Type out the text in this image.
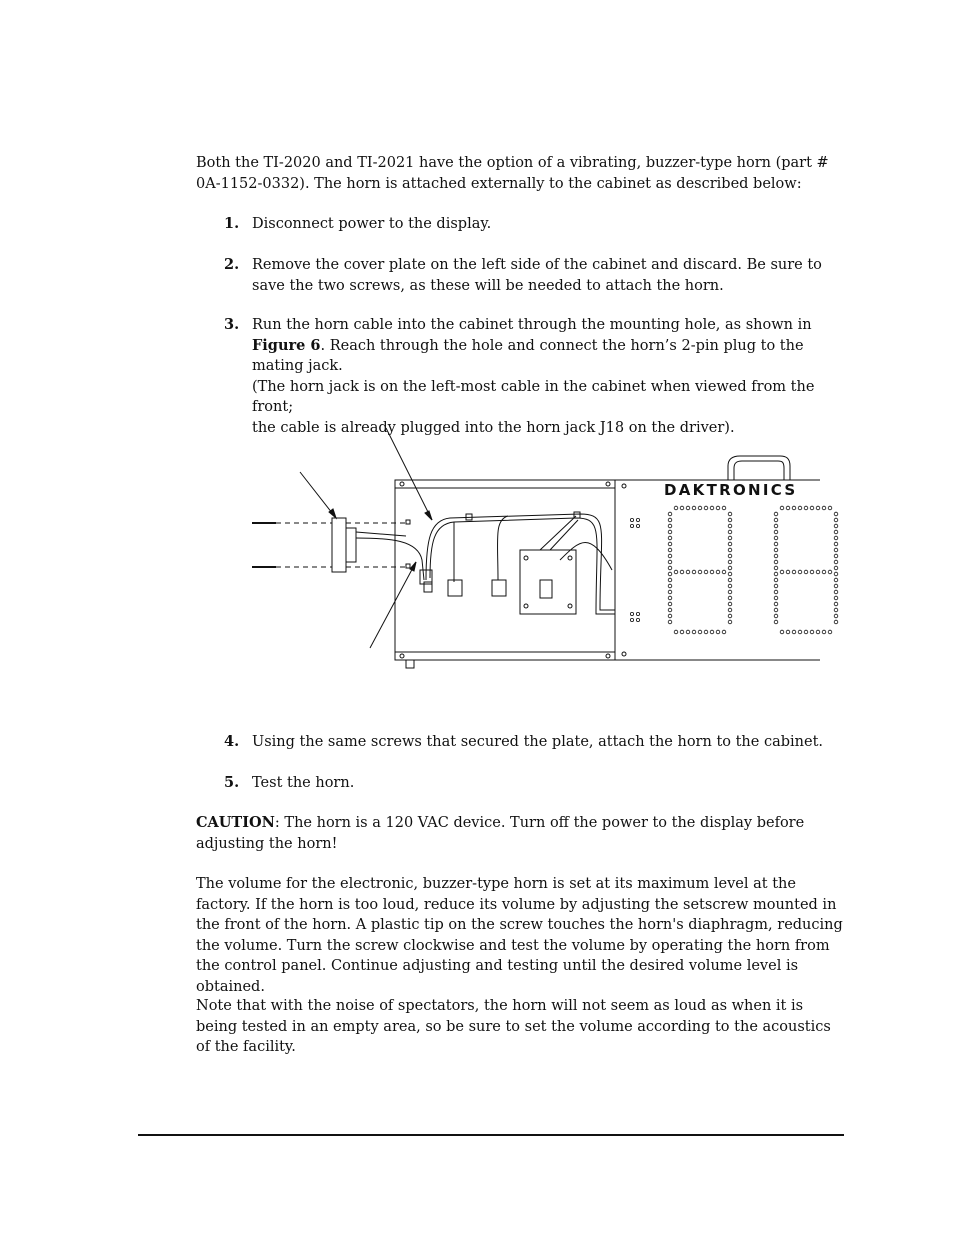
Both the TI-2020 and TI-2021 have the option of a vibrating, buzzer-type horn (part # 0A-1152-0332). The horn is attached externally to the cabinet as described below:

1. Disconnect power to the display.
2. Remove the cover plate on the left side of the cabinet and discard. Be sure to save the two screws, as these will be needed to attach the horn.
3. Run the horn cable into the cabinet through the mounting hole, as shown in Figure 6. Reach through the hole and connect the horn’s 2-pin plug to the mating jack.
(The horn jack is on the left-most cable in the cabinet when viewed from the front;
the cable is already plugged into the horn jack J18 on the driver).
DAKTRONICS
4. Using the same screws that secured the plate, attach the horn to the cabinet.
5. Test the horn.

CAUTION: The horn is a 120 VAC device. Turn off the power to the display before adjusting the horn!

The volume for the electronic, buzzer-type horn is set at its maximum level at the factory. If the horn is too loud, reduce its volume by adjusting the setscrew mounted in the front of the horn. A plastic tip on the screw touches the horn's diaphragm, reducing the volume. Turn the screw clockwise and test the volume by operating the horn from the control panel. Continue adjusting and testing until the desired volume level is obtained.

Note that with the noise of spectators, the horn will not seem as loud as when it is being tested in an empty area, so be sure to set the volume according to the acoustics of the facility.
